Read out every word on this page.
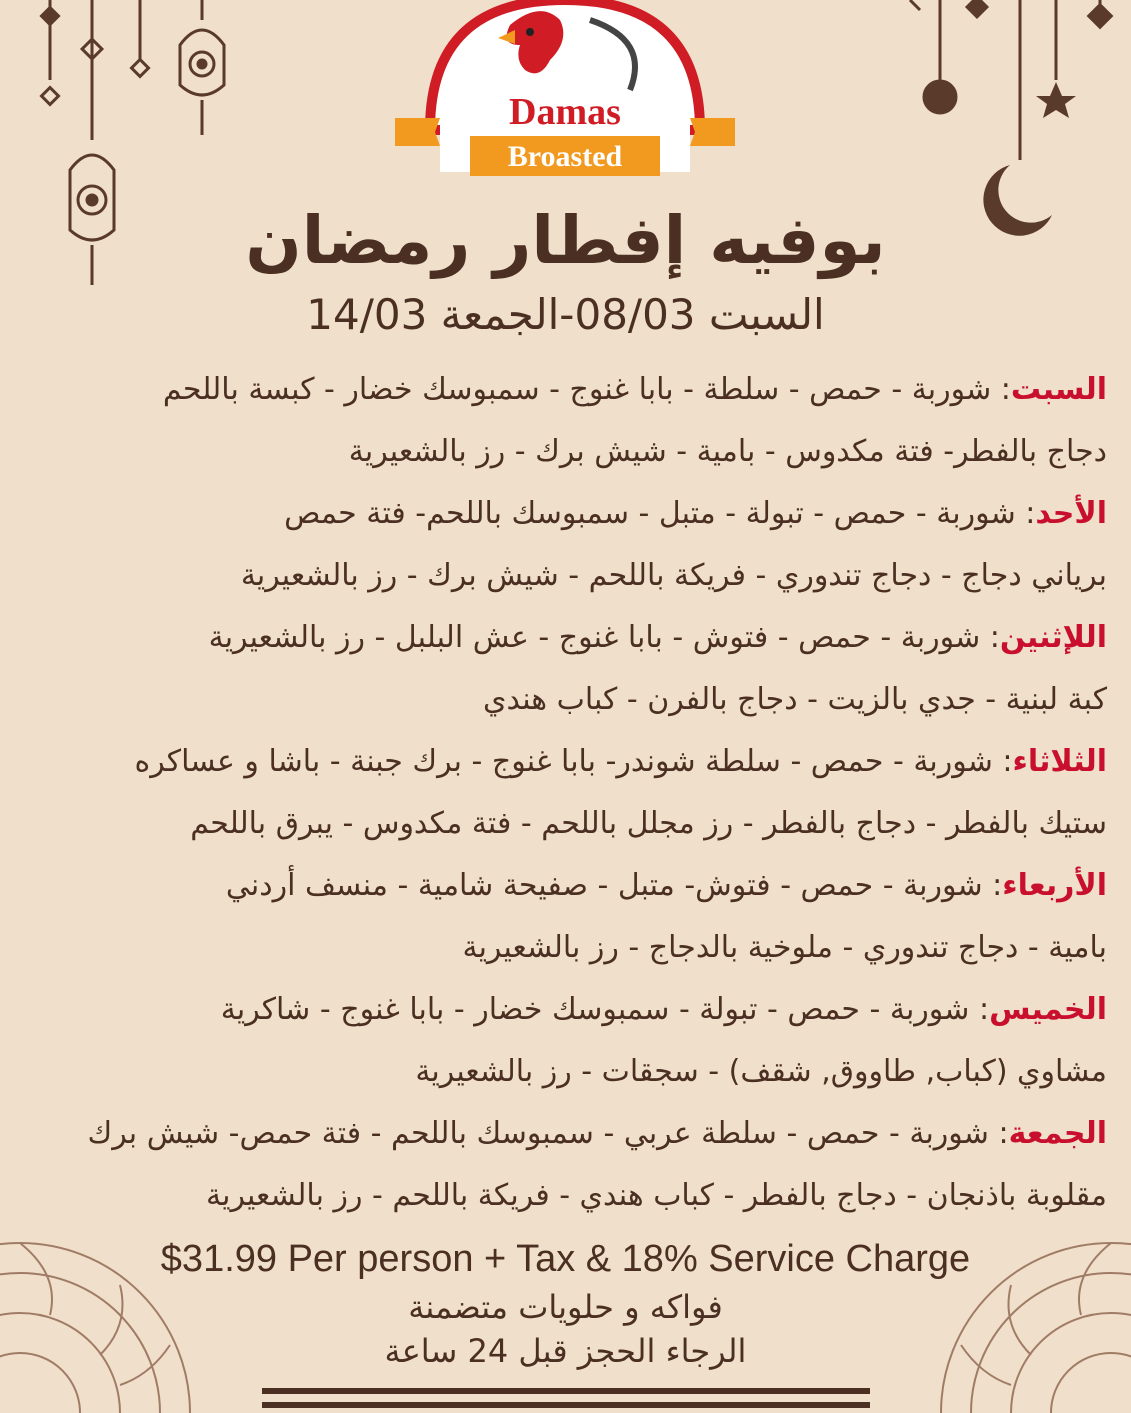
Damas
Broasted
بوفيه إفطار رمضان
السبت 08/03-الجمعة 14/03
السبت: شوربة - حمص - سلطة - بابا غنوج - سمبوسك خضار - كبسة باللحم
دجاج بالفطر- فتة مكدوس - بامية - شيش برك - رز بالشعيرية
الأحد: شوربة - حمص - تبولة - متبل - سمبوسك باللحم- فتة حمص
برياني دجاج - دجاج تندوري - فريكة باللحم - شيش برك - رز بالشعيرية
اللإثنين: شوربة - حمص - فتوش - بابا غنوج - عش البلبل - رز بالشعيرية
كبة لبنية - جدي بالزيت - دجاج بالفرن - كباب هندي
الثلاثاء: شوربة - حمص - سلطة شوندر- بابا غنوج - برك جبنة - باشا و عساكره
ستيك بالفطر - دجاج بالفطر - رز مجلل باللحم - فتة مكدوس - يبرق باللحم
الأربعاء: شوربة - حمص - فتوش- متبل - صفيحة شامية - منسف أردني
بامية - دجاج تندوري - ملوخية بالدجاج - رز بالشعيرية
الخميس: شوربة - حمص - تبولة - سمبوسك خضار - بابا غنوج - شاكرية
مشاوي (كباب, طاووق, شقف) - سجقات - رز بالشعيرية
الجمعة: شوربة - حمص - سلطة عربي - سمبوسك باللحم - فتة حمص- شيش برك
مقلوبة باذنجان - دجاج بالفطر - كباب هندي - فريكة باللحم - رز بالشعيرية
$31.99 Per person + Tax & 18% Service Charge
فواكه و حلويات متضمنة
الرجاء الحجز قبل 24 ساعة
